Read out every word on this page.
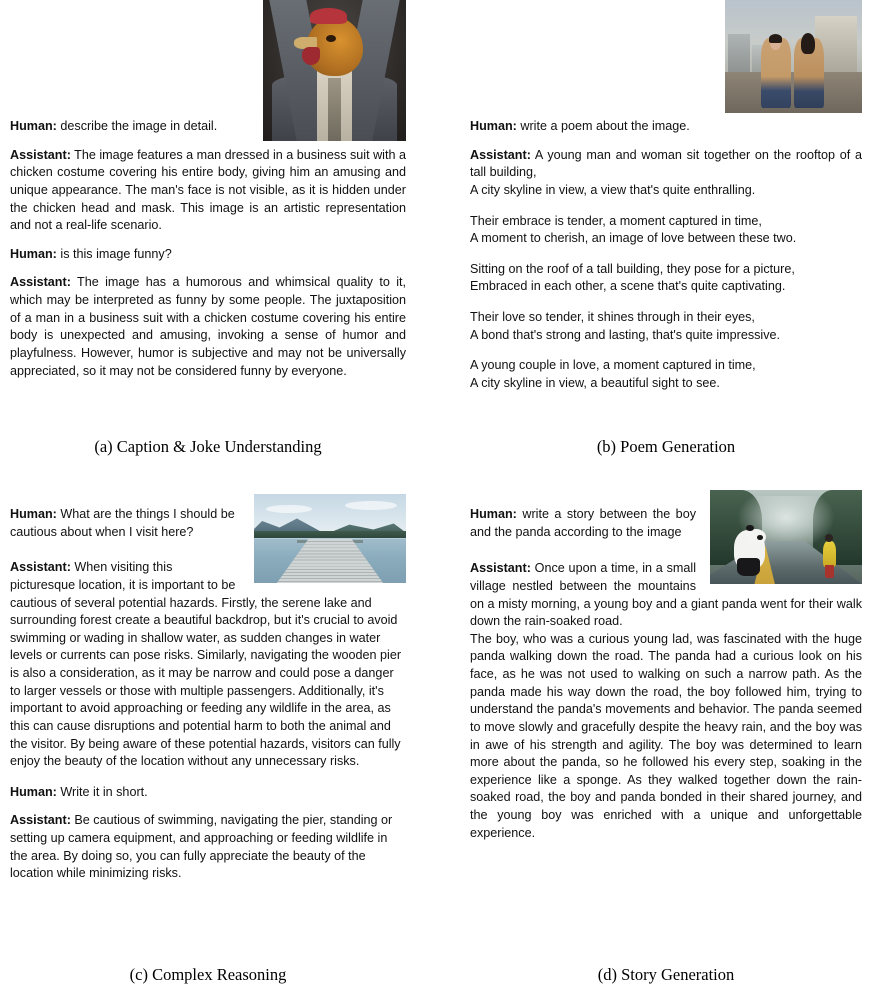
Human: describe the image in detail.

Assistant: The image features a man dressed in a business suit with a chicken costume covering his entire body, giving him an amusing and unique appearance. The man's face is not visible, as it is hidden under the chicken head and mask. This image is an artistic representation and not a real-life scenario.

Human: is this image funny?

Assistant: The image has a humorous and whimsical quality to it, which may be interpreted as funny by some people. The juxtaposition of a man in a business suit with a chicken costume covering his entire body is unexpected and amusing, invoking a sense of humor and playfulness. However, humor is subjective and may not be universally appreciated, so it may not be considered funny by everyone.

(a) Caption & Joke Understanding

Human: write a poem about the image.

Assistant: A young man and woman sit together on the rooftop of a tall building,
A city skyline in view, a view that's quite enthralling.
Their embrace is tender, a moment captured in time,
A moment to cherish, an image of love between these two.
Sitting on the roof of a tall building, they pose for a picture,
Embraced in each other, a scene that's quite captivating.
Their love so tender, it shines through in their eyes,
A bond that's strong and lasting, that's quite impressive.
A young couple in love, a moment captured in time,
A city skyline in view, a beautiful sight to see.

(b) Poem Generation

Human: What are the things I should be cautious about when I visit here?

Assistant: When visiting this picturesque location, it is important to be cautious of several potential hazards. Firstly, the serene lake and surrounding forest create a beautiful backdrop, but it's crucial to avoid swimming or wading in shallow water, as sudden changes in water levels or currents can pose risks. Similarly, navigating the wooden pier is also a consideration, as it may be narrow and could pose a danger to larger vessels or those with multiple passengers. Additionally, it's important to avoid approaching or feeding any wildlife in the area, as this can cause disruptions and potential harm to both the animal and the visitor. By being aware of these potential hazards, visitors can fully enjoy the beauty of the location without any unnecessary risks.

Human: Write it in short.

Assistant: Be cautious of swimming, navigating the pier, standing or setting up camera equipment, and approaching or feeding wildlife in the area. By doing so, you can fully appreciate the beauty of the location while minimizing risks.

(c) Complex Reasoning

Human: write a story between the boy and the panda according to the image

Assistant: Once upon a time, in a small village nestled between the mountains on a misty morning, a young boy and a giant panda went for their walk down the rain-soaked road.

The boy, who was a curious young lad, was fascinated with the huge panda walking down the road. The panda had a curious look on his face, as he was not used to walking on such a narrow path. As the panda made his way down the road, the boy followed him, trying to understand the panda's movements and behavior. The panda seemed to move slowly and gracefully despite the heavy rain, and the boy was in awe of his strength and agility. The boy was determined to learn more about the panda, so he followed his every step, soaking in the experience like a sponge. As they walked together down the rain-soaked road, the boy and panda bonded in their shared journey, and the young boy was enriched with a unique and unforgettable experience.

(d) Story Generation
